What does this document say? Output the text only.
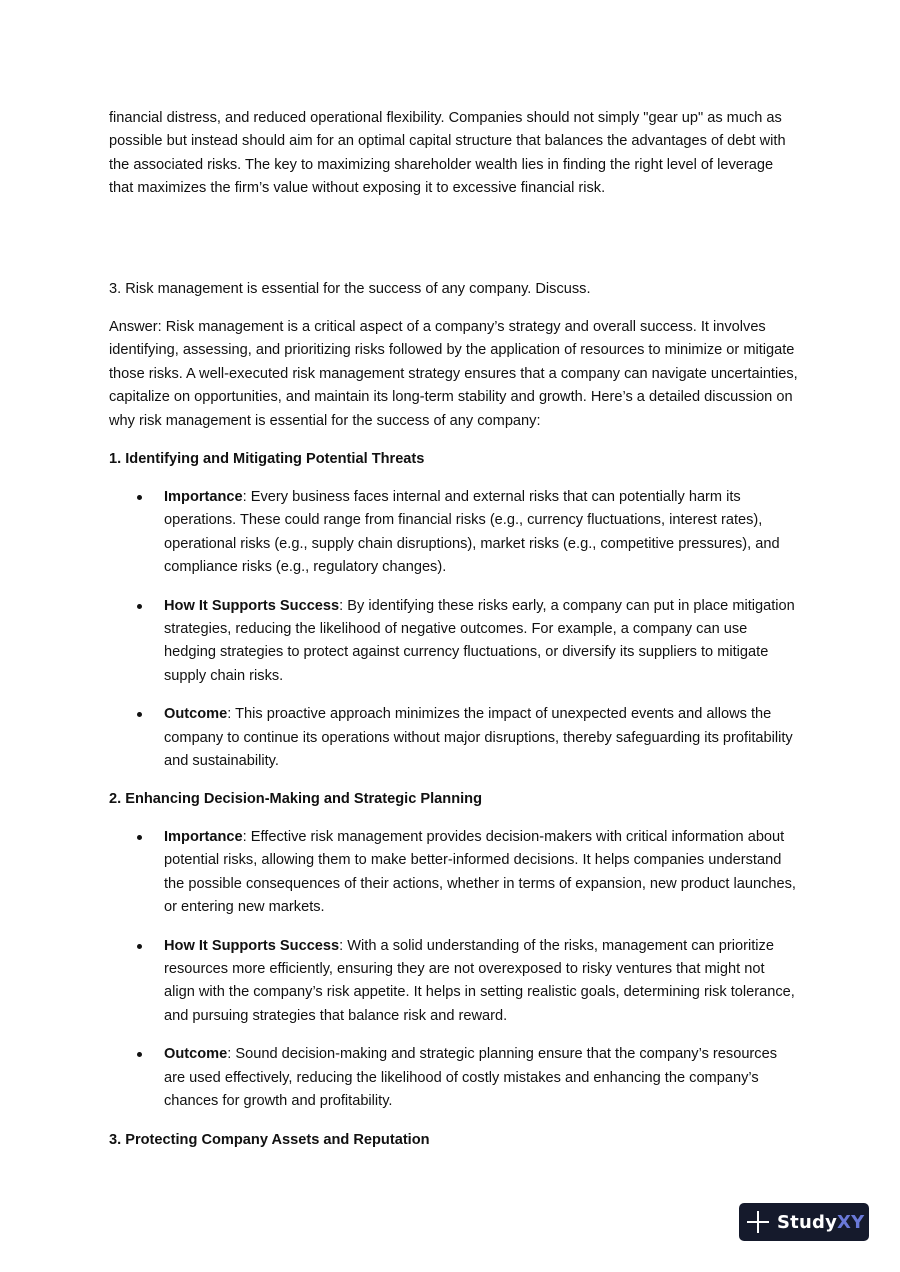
financial distress, and reduced operational flexibility. Companies should not simply "gear up" as much as possible but instead should aim for an optimal capital structure that balances the advantages of debt with the associated risks. The key to maximizing shareholder wealth lies in finding the right level of leverage that maximizes the firm’s value without exposing it to excessive financial risk.

3. Risk management is essential for the success of any company. Discuss.

Answer: Risk management is a critical aspect of a company’s strategy and overall success. It involves identifying, assessing, and prioritizing risks followed by the application of resources to minimize or mitigate those risks. A well-executed risk management strategy ensures that a company can navigate uncertainties, capitalize on opportunities, and maintain its long-term stability and growth. Here’s a detailed discussion on why risk management is essential for the success of any company:

1. Identifying and Mitigating Potential Threats

Importance: Every business faces internal and external risks that can potentially harm its operations. These could range from financial risks (e.g., currency fluctuations, interest rates), operational risks (e.g., supply chain disruptions), market risks (e.g., competitive pressures), and compliance risks (e.g., regulatory changes).
How It Supports Success: By identifying these risks early, a company can put in place mitigation strategies, reducing the likelihood of negative outcomes. For example, a company can use hedging strategies to protect against currency fluctuations, or diversify its suppliers to mitigate supply chain risks.
Outcome: This proactive approach minimizes the impact of unexpected events and allows the company to continue its operations without major disruptions, thereby safeguarding its profitability and sustainability.

2. Enhancing Decision-Making and Strategic Planning

Importance: Effective risk management provides decision-makers with critical information about potential risks, allowing them to make better-informed decisions. It helps companies understand the possible consequences of their actions, whether in terms of expansion, new product launches, or entering new markets.
How It Supports Success: With a solid understanding of the risks, management can prioritize resources more efficiently, ensuring they are not overexposed to risky ventures that might not align with the company’s risk appetite. It helps in setting realistic goals, determining risk tolerance, and pursuing strategies that balance risk and reward.
Outcome: Sound decision-making and strategic planning ensure that the company’s resources are used effectively, reducing the likelihood of costly mistakes and enhancing the company’s chances for growth and profitability.

3. Protecting Company Assets and Reputation

StudyXY
